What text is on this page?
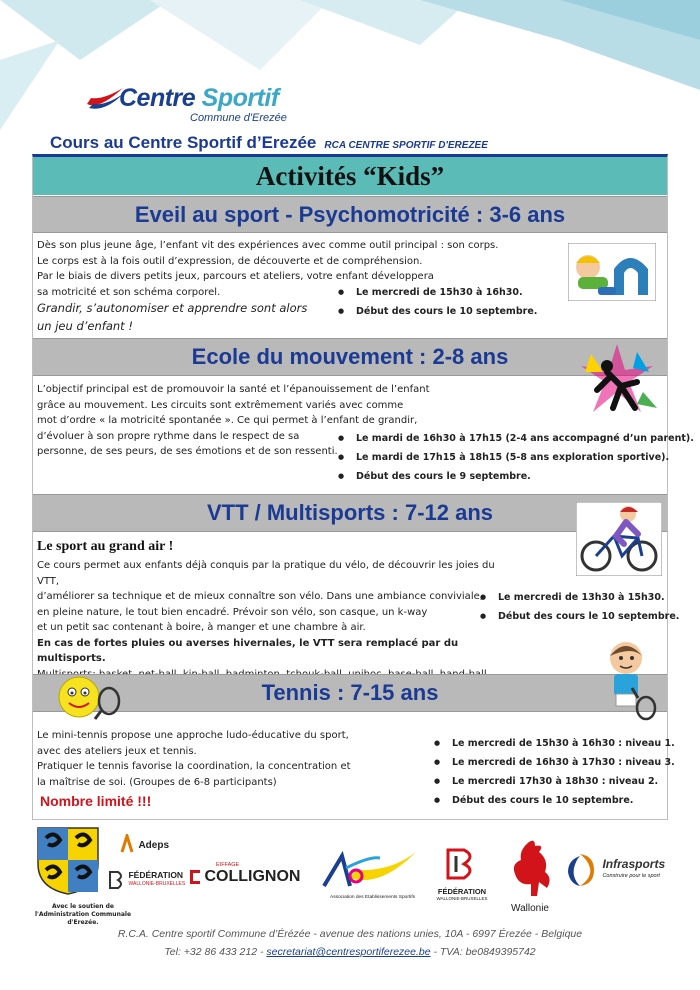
Centre Sportif
Commune d'Erezée
Cours au Centre Sportif d’Erezée RCA CENTRE SPORTIF D'EREZEE
Activités “Kids”
Eveil au sport - Psychomotricité : 3-6 ans

Dès son plus jeune âge, l’enfant vit des expériences avec comme outil principal : son corps.

Le corps est à la fois outil d’expression, de découverte et de compréhension.

Par le biais de divers petits jeux, parcours et ateliers, votre enfant développera

sa motricité et son schéma corporel.

Grandir, s’autonomiser et apprendre sont alors
un jeu d’enfant !
● Le mercredi de 15h30 à 16h30.
● Début des cours le 10 septembre.
Ecole du mouvement : 2-8 ans

L’objectif principal est de promouvoir la santé et l’épanouissement de l’enfant

grâce au mouvement. Les circuits sont extrêmement variés avec comme

mot d’ordre « la motricité spontanée ». Ce qui permet à l’enfant de grandir,

d’évoluer à son propre rythme dans le respect de sa

personne, de ses peurs, de ses émotions et de son ressenti.

● Le mardi de 16h30 à 17h15 (2-4 ans accompagné d’un parent).
● Le mardi de 17h15 à 18h15 (5-8 ans exploration sportive).
● Début des cours le 9 septembre.
VTT / Multisports : 7-12 ans
Le sport au grand air !

Ce cours permet aux enfants déjà conquis par la pratique du vélo, de découvrir les joies du VTT,

d’améliorer sa technique et de mieux connaître son vélo. Dans une ambiance conviviale,

en pleine nature, le tout bien encadré. Prévoir son vélo, son casque, un k-way

et un petit sac contenant à boire, à manger et une chambre à air.

En cas de fortes pluies ou averses hivernales, le VTT sera remplacé par du multisports.

● Le mercredi de 13h30 à 15h30.
● Début des cours le 10 septembre.
Tennis : 7-15 ans

Le mini-tennis propose une approche ludo-éducative du sport,

avec des ateliers jeux et tennis.

Pratiquer le tennis favorise la coordination, la concentration et

la maîtrise de soi. (Groupes de 6-8 participants)

Nombre limité !!!
● Le mercredi de 15h30 à 16h30 : niveau 1.
● Le mercredi de 16h30 à 17h30 : niveau 3.
● Le mercredi 17h30 à 18h30 : niveau 2.
● Début des cours le 10 septembre.
Avec le soutien de l'Administration Communale d'Erezée.
Adeps

FÉDÉRATION
WALLONIE-BRUXELLES
EIFFAGE
COLLIGNON
Association des Etablissements Sportifs
FÉDÉRATION
WALLONIE-BRUXELLES
Wallonie

Infrasports
Construire pour le sport
R.C.A. Centre sportif Commune d’Érézée - avenue des nations unies, 10A - 6997 Érezée - Belgique
Tel: +32 86 433 212 - secretariat@centresportiferezee.be - TVA: be0849395742
